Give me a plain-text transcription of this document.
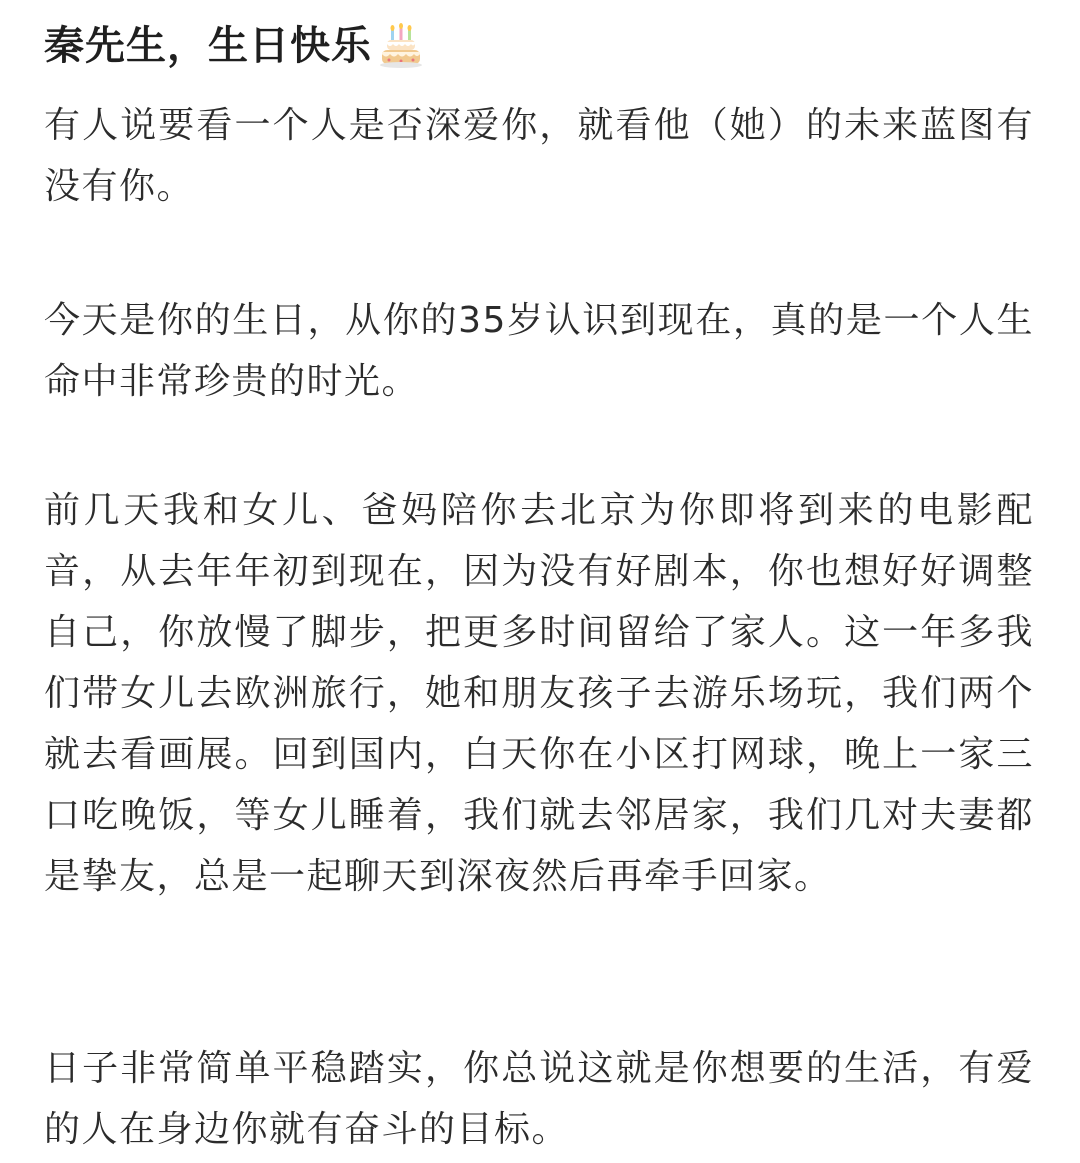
秦先生，生日快乐

有人说要看一个人是否深爱你，就看他（她）的未来蓝图有没有你。

今天是你的生日，从你的35岁认识到现在，真的是一个人生命中非常珍贵的时光。

前几天我和女儿、爸妈陪你去北京为你即将到来的电影配音，从去年年初到现在，因为没有好剧本，你也想好好调整自己，你放慢了脚步，把更多时间留给了家人。这一年多我们带女儿去欧洲旅行，她和朋友孩子去游乐场玩，我们两个就去看画展。回到国内，白天你在小区打网球，晚上一家三口吃晚饭，等女儿睡着，我们就去邻居家，我们几对夫妻都是挚友，总是一起聊天到深夜然后再牵手回家。

日子非常简单平稳踏实，你总说这就是你想要的生活，有爱的人在身边你就有奋斗的目标。
